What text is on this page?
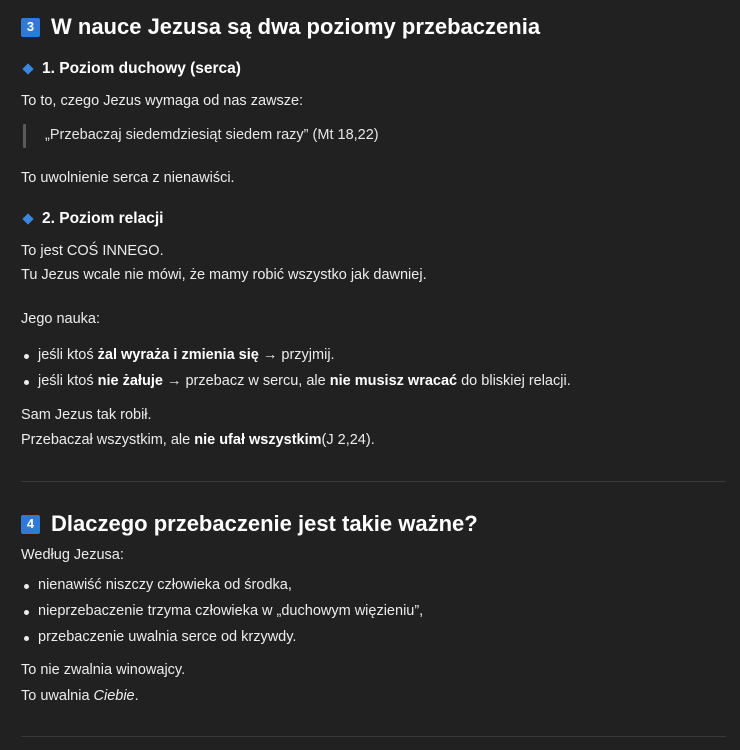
3 W nauce Jezusa są dwa poziomy przebaczenia
1. Poziom duchowy (serca)
To to, czego Jezus wymaga od nas zawsze:
„Przebaczaj siedemdziesiąt siedem razy” (Mt 18,22)
To uwolnienie serca z nienawiści.
2. Poziom relacji
To jest COŚ INNEGO.
Tu Jezus wcale nie mówi, że mamy robić wszystko jak dawniej.
Jego nauka:
jeśli ktoś żal wyraża i zmienia się → przyjmij.
jeśli ktoś nie żałuje → przebacz w sercu, ale nie musisz wracać do bliskiej relacji.
Sam Jezus tak robił.
Przebaczał wszystkim, ale nie ufał wszystkim (J 2,24).
4 Dlaczego przebaczenie jest takie ważne?
Według Jezusa:
nienawiść niszczy człowieka od środka,
nieprzebaczenie trzyma człowieka w „duchowym więzieniu”,
przebaczenie uwalnia serce od krzywdy.
To nie zwalnia winowajcy.
To uwalnia Ciebie .
